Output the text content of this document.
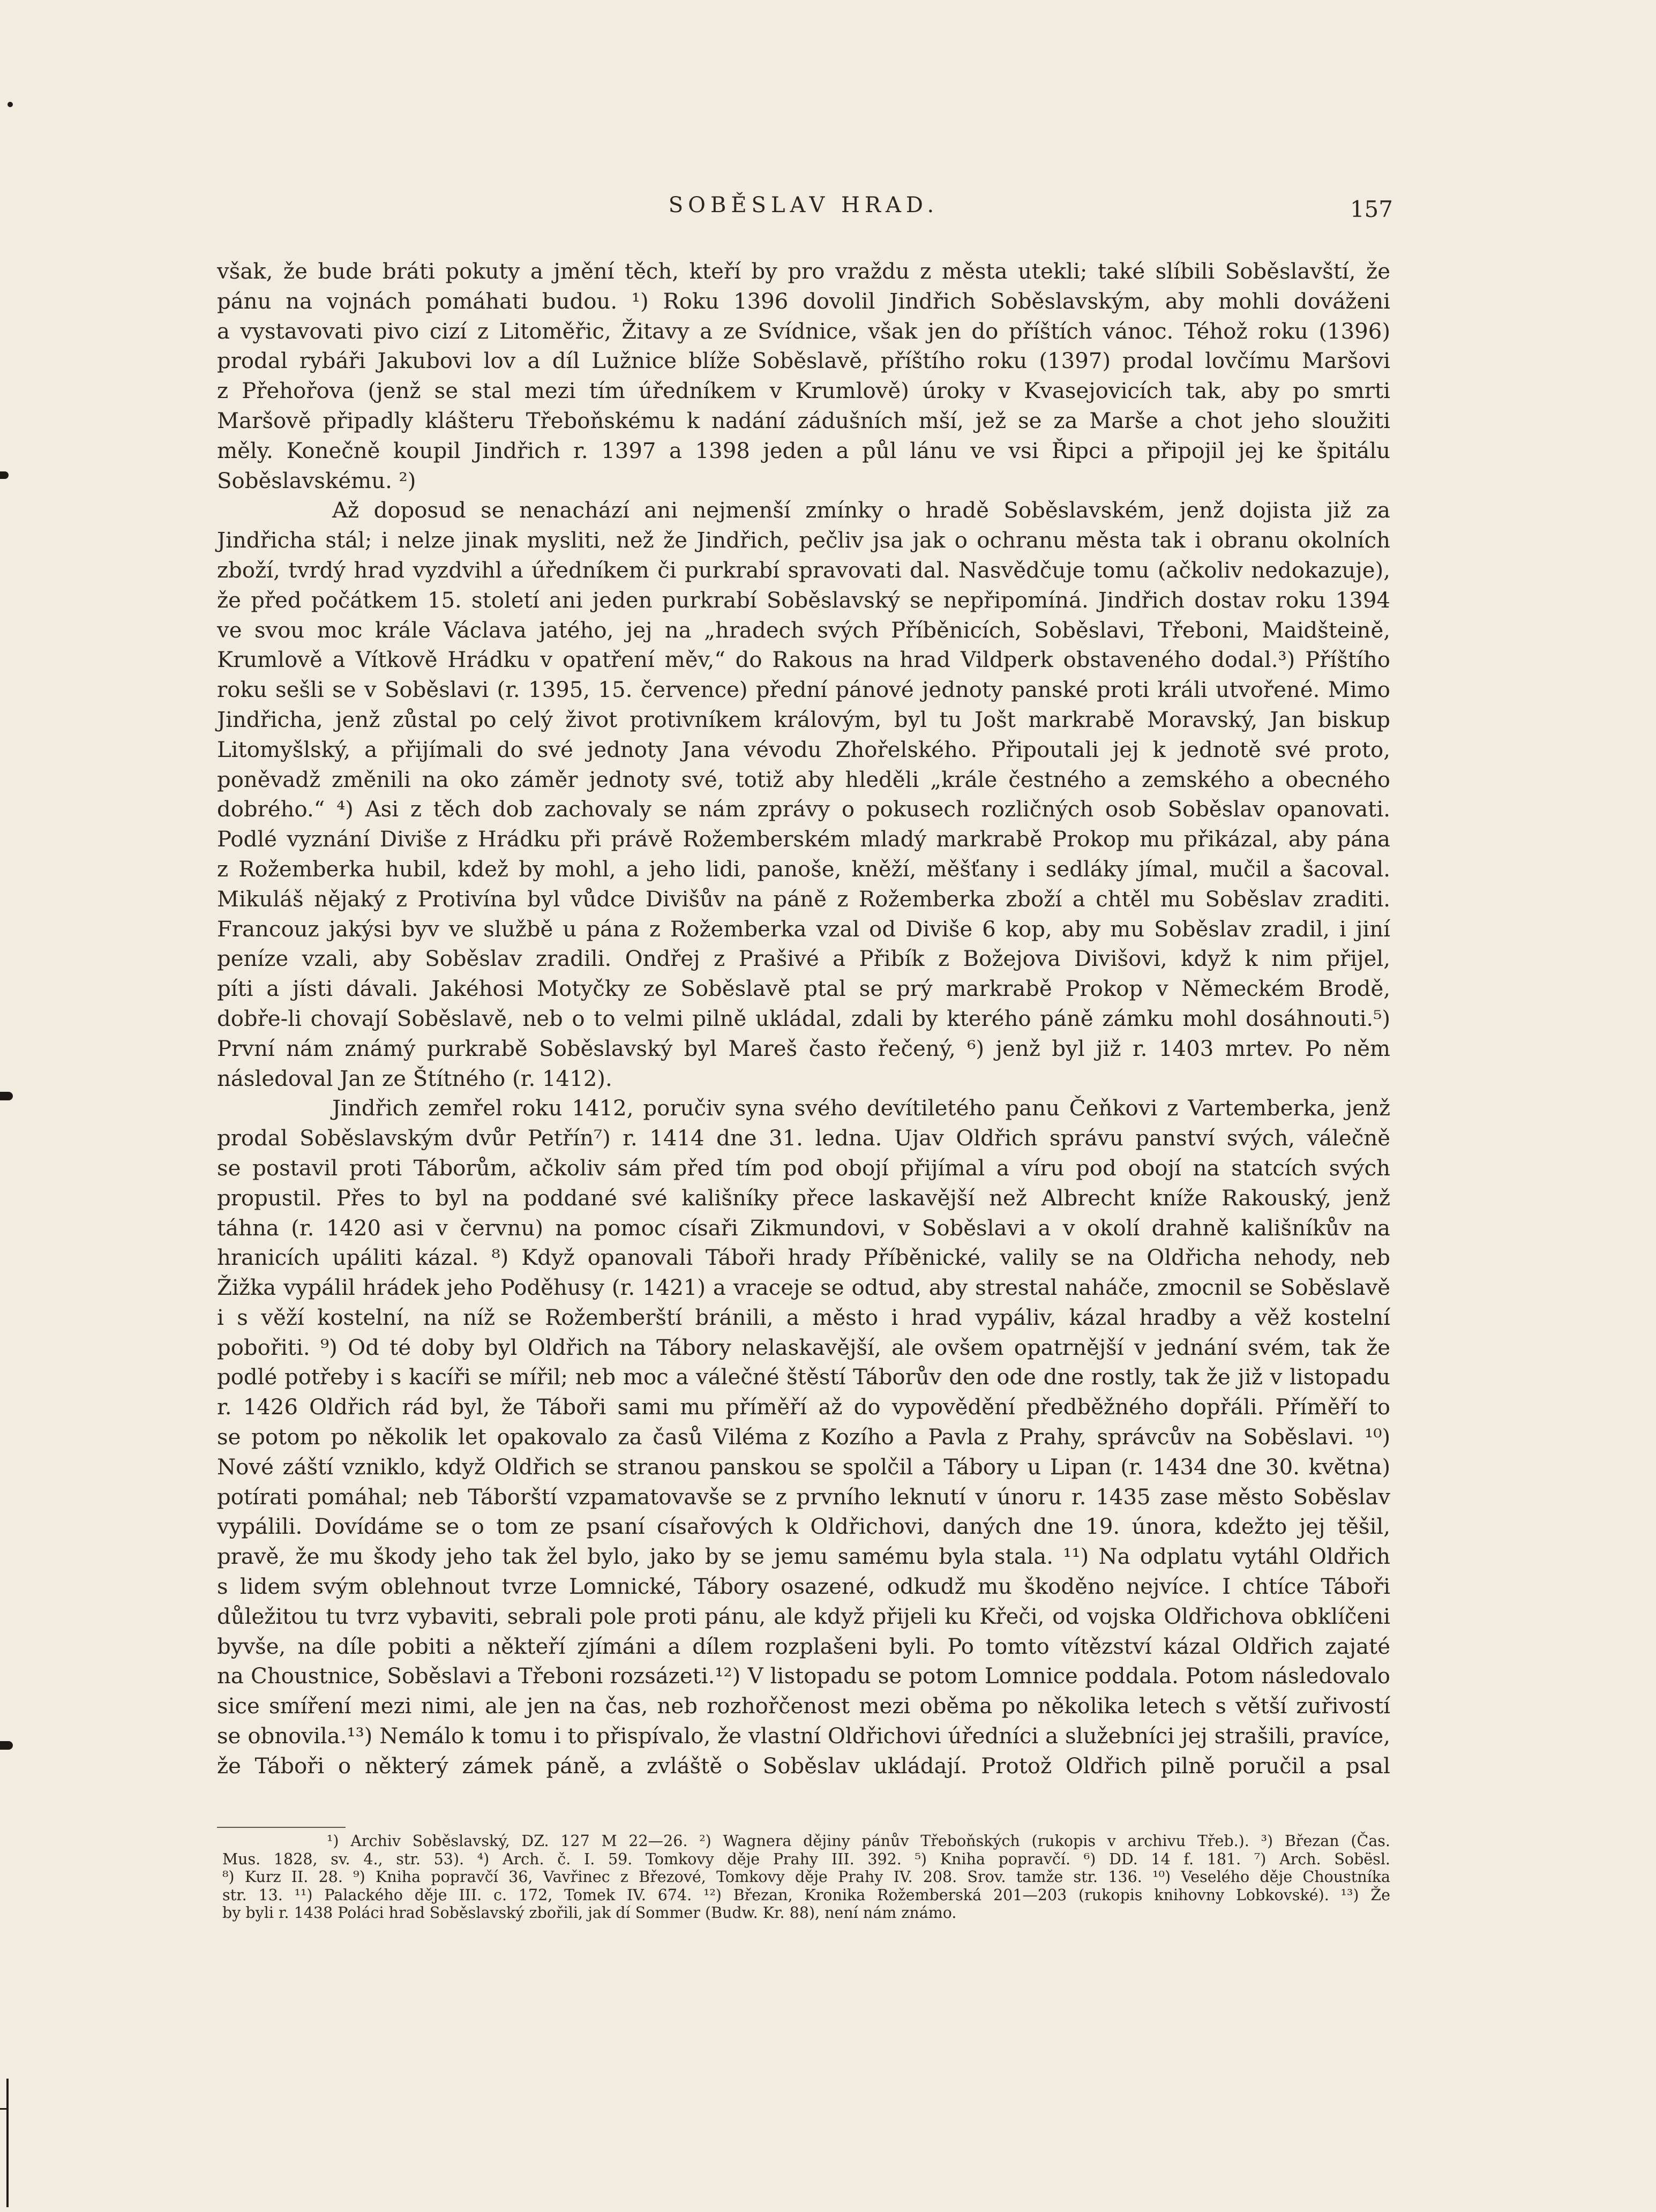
SOBĚSLAV HRAD.	157
však, že bude bráti pokuty a jmění těch, kteří by pro vraždu z města utekli; také slíbili Soběslavští, že
pánu na vojnách pomáhati budou. ¹) Roku 1396 dovolil Jindřich Soběslavským, aby mohli dováženi
a vystavovati pivo cizí z Litoměřic, Žitavy a ze Svídnice, však jen do příštích vánoc. Téhož roku (1396)
prodal rybáři Jakubovi lov a díl Lužnice blíže Soběslavě, příštího roku (1397) prodal lovčímu Maršovi
z Přehořova (jenž se stal mezi tím úředníkem v Krumlově) úroky v Kvasejovicích tak, aby po smrti
Maršově připadly klášteru Třeboňskému k nadání zádušních mší, jež se za Marše a chot jeho sloužiti
měly. Konečně koupil Jindřich r. 1397 a 1398 jeden a půl lánu ve vsi Řipci a připojil jej ke špitálu
Soběslavskému. ²)
Až doposud se nenachází ani nejmenší zmínky o hradě Soběslavském, jenž dojista již za
Jindřicha stál; i nelze jinak mysliti, než že Jindřich, pečliv jsa jak o ochranu města tak i obranu okolních
zboží, tvrdý hrad vyzdvihl a úředníkem či purkrabí spravovati dal. Nasvědčuje tomu (ačkoliv nedokazuje),
že před počátkem 15. století ani jeden purkrabí Soběslavský se nepřipomíná. Jindřich dostav roku 1394
ve svou moc krále Václava jatého, jej na „hradech svých Příběnicích, Soběslavi, Třeboni, Maidšteině,
Krumlově a Vítkově Hrádku v opatření měv,“ do Rakous na hrad Vildperk obstaveného dodal.³) Příštího
roku sešli se v Soběslavi (r. 1395, 15. července) přední pánové jednoty panské proti králi utvořené. Mimo
Jindřicha, jenž zůstal po celý život protivníkem královým, byl tu Jošt markrabě Moravský, Jan biskup
Litomyšlský, a přijímali do své jednoty Jana vévodu Zhořelského. Připoutali jej k jednotě své proto,
poněvadž změnili na oko záměr jednoty své, totiž aby hleděli „krále čestného a zemského a obecného
dobrého.“ ⁴) Asi z těch dob zachovaly se nám zprávy o pokusech rozličných osob Soběslav opanovati.
Podlé vyznání Diviše z Hrádku při právě Rožemberském mladý markrabě Prokop mu přikázal, aby pána
z Rožemberka hubil, kdež by mohl, a jeho lidi, panoše, kněží, měšťany i sedláky jímal, mučil a šacoval.
Mikuláš nějaký z Protivína byl vůdce Divišův na páně z Rožemberka zboží a chtěl mu Soběslav zraditi.
Francouz jakýsi byv ve službě u pána z Rožemberka vzal od Diviše 6 kop, aby mu Soběslav zradil, i jiní
peníze vzali, aby Soběslav zradili. Ondřej z Prašivé a Přibík z Božejova Divišovi, když k nim přijel,
píti a jísti dávali. Jakéhosi Motyčky ze Soběslavě ptal se prý markrabě Prokop v Německém Brodě,
dobře-li chovají Soběslavě, neb o to velmi pilně ukládal, zdali by kterého páně zámku mohl dosáhnouti.⁵)
První nám známý purkrabě Soběslavský byl Mareš často řečený, ⁶) jenž byl již r. 1403 mrtev. Po něm
následoval Jan ze Štítného (r. 1412).
Jindřich zemřel roku 1412, poručiv syna svého devítiletého panu Čeňkovi z Vartemberka, jenž
prodal Soběslavským dvůr Petřín⁷) r. 1414 dne 31. ledna. Ujav Oldřich správu panství svých, válečně
se postavil proti Táborům, ačkoliv sám před tím pod obojí přijímal a víru pod obojí na statcích svých
propustil. Přes to byl na poddané své kališníky přece laskavější než Albrecht kníže Rakouský, jenž
táhna (r. 1420 asi v červnu) na pomoc císaři Zikmundovi, v Soběslavi a v okolí drahně kališníkův na
hranicích upáliti kázal. ⁸) Když opanovali Táboři hrady Příběnické, valily se na Oldřicha nehody, neb
Žižka vypálil hrádek jeho Poděhusy (r. 1421) a vraceje se odtud, aby strestal naháče, zmocnil se Soběslavě
i s věží kostelní, na níž se Rožemberští bránili, a město i hrad vypáliv, kázal hradby a věž kostelní
pobořiti. ⁹) Od té doby byl Oldřich na Tábory nelaskavější, ale ovšem opatrnější v jednání svém, tak že
podlé potřeby i s kacíři se mířil; neb moc a válečné štěstí Táborův den ode dne rostly, tak že již v listopadu
r. 1426 Oldřich rád byl, že Táboři sami mu příměří až do vypovědění předběžného dopřáli. Příměří to
se potom po několik let opakovalo za časů Viléma z Kozího a Pavla z Prahy, správcův na Soběslavi. ¹⁰)
Nové záští vzniklo, když Oldřich se stranou panskou se spolčil a Tábory u Lipan (r. 1434 dne 30. května)
potírati pomáhal; neb Táborští vzpamatovavše se z prvního leknutí v únoru r. 1435 zase město Soběslav
vypálili. Dovídáme se o tom ze psaní císařových k Oldřichovi, daných dne 19. února, kdežto jej těšil,
pravě, že mu škody jeho tak žel bylo, jako by se jemu samému byla stala. ¹¹) Na odplatu vytáhl Oldřich
s lidem svým oblehnout tvrze Lomnické, Tábory osazené, odkudž mu škoděno nejvíce. I chtíce Táboři
důležitou tu tvrz vybaviti, sebrali pole proti pánu, ale když přijeli ku Křeči, od vojska Oldřichova obklíčeni
byvše, na díle pobiti a někteří zjímáni a dílem rozplašeni byli. Po tomto vítězství kázal Oldřich zajaté
na Choustnice, Soběslavi a Třeboni rozsázeti.¹²) V listopadu se potom Lomnice poddala. Potom následovalo
sice smíření mezi nimi, ale jen na čas, neb rozhořčenost mezi oběma po několika letech s větší zuřivostí
se obnovila.¹³) Nemálo k tomu i to přispívalo, že vlastní Oldřichovi úředníci a služebníci jej strašili, pravíce,
že Táboři o některý zámek páně, a zvláště o Soběslav ukládají. Protož Oldřich pilně poručil a psal
¹) Archiv Soběslavský, DZ. 127 M 22—26. ²) Wagnera dějiny pánův Třeboňských (rukopis v archivu Třeb.). ³) Březan (Čas.
Mus. 1828, sv. 4., str. 53). ⁴) Arch. č. I. 59. Tomkovy děje Prahy III. 392. ⁵) Kniha popravčí. ⁶) DD. 14 f. 181. ⁷) Arch. Sobësl.
⁸) Kurz II. 28. ⁹) Kniha popravčí 36, Vavřinec z Březové, Tomkovy děje Prahy IV. 208. Srov. tamže str. 136. ¹⁰) Veselého děje Choustníka
str. 13. ¹¹) Palackého děje III. c. 172, Tomek IV. 674. ¹²) Březan, Kronika Rožemberská 201—203 (rukopis knihovny Lobkovské). ¹³) Že
by byli r. 1438 Poláci hrad Soběslavský zbořili, jak dí Sommer (Budw. Kr. 88), není nám známo.
